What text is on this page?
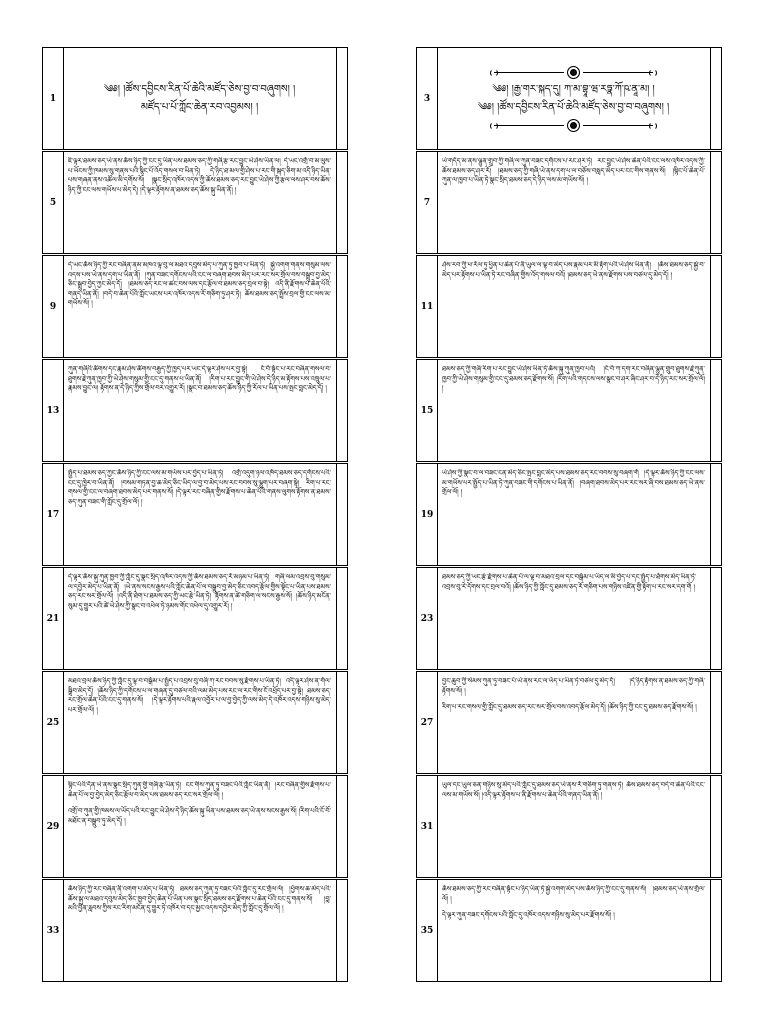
1
༄༅། །ཚོས་དབྱིངས་རིན་པོ་ཆེའི་མཛོད་ཅེས་བྱ་བ་བཞུགས། །
མཛོད་པ་པོ་ཀློང་ཆེན་རབ་འབྱམས། །
5

ཇི་ལྟར་ཐམས་ཅད་ཡེ་ནས་ཆོས་ཉིད་ཀྱི་ངང་དུ་ཡིན་པས་ཐམས་ཅད་ཀྱི་གཞི་རྩ་རང་བྱུང་ཡེ་ཤེས་ཡིན་ལ། དེ་ཡང་འགྲོ་བ་མ་ལུས་པ་ཡོངས་ཀྱི་ཁམས་སུ་གནས་པའི་སྙིང་པོ་འོད་གསལ་བ་ཡིན་ཏེ། དེ་ཉིད་ཐ་མལ་གྱི་ཤེས་པ་རང་གི་སྐད་ཅིག་མ་འདི་ཉིད་ཡིན་པས་གཞན་ནས་འཚོལ་མི་དགོས་སོ། །སྣང་སྲིད་འཁོར་འདས་ཀྱི་ཆོས་ཐམས་ཅད་རང་བྱུང་ཡེ་ཤེས་ཀྱི་རྩལ་ལས་ཤར་བས་ཆོས་ཉིད་ཀྱི་ངང་ལས་གཡོས་པ་མེད་དེ། །དེ་ལྟར་རྟོགས་ན་ཐམས་ཅད་ཆོས་སྐུ་ཡིན་ནོ། །

9

དེ་ཡང་ཆོས་ཉིད་ཀྱི་རང་བཞིན་ནམ་མཁའ་ལྟ་བུ་ལ་མཐའ་དབུས་མེད་པ་ཀུན་ཏུ་ཁྱབ་པ་ཡིན་ཏེ། སྐྱེ་འགག་གནས་གསུམ་ལས་འདས་པས་ཡེ་ནས་དག་པ་ཡིན་ནོ། །ཀུན་བཟང་དགོངས་པའི་ངང་ལ་བཞག་ཐབས་མེད་པར་རང་སར་གྲོལ་བས་བསྒྲུབ་བྱ་མེད་ཅིང་སྒྲུབ་བྱེད་ཀྱང་མེད་དོ། །ཐམས་ཅད་རང་ལ་ཚང་བས་ལས་དང་རྩོལ་བ་ཐམས་ཅད་བྲལ་བ་སྟེ། འདི་ནི་རྫོགས་པ་ཆེན་པོའི་གནད་ཡིན་ནོ། །བདེ་བ་ཆེན་པོའི་ཀློང་ཡངས་པར་འཁོར་འདས་རོ་གཅིག་ཏུ་ཤར་ཏེ། ཆོས་ཐམས་ཅད་སྤྲོས་བྲལ་གྱི་ངང་ལས་མ་གཡོས་སོ། །

13

ཀུན་གཞིའི་ཚོགས་དང་རྣམ་ཤེས་ཚོགས་བརྒྱད་ཀྱི་ཁྱད་པར་ཡང་དེ་ལྟར་ཤེས་པར་བྱ་སྟེ། ངོ་བོ་སྟོང་པ་རང་བཞིན་གསལ་བ་ཐུགས་རྗེ་ཀུན་ཁྱབ་ཀྱི་ཡེ་ཤེས་གསུམ་གྱི་ངང་དུ་གནས་པ་ཡིན་ནོ། །རིག་པ་རང་བྱུང་གི་ཡེ་ཤེས་དེ་ཉིད་མ་རྟོགས་པས་འཁྲུལ་པ་རྣམས་བྱུང་ལ། རྟོགས་ན་དེ་ཉིད་ཀྱིས་གྲོལ་བར་འགྱུར་རོ། །སྣང་བ་ཐམས་ཅད་ཆོས་ཉིད་ཀྱི་རོལ་པ་ཡིན་པས་སྤང་བླང་མེད་དོ། །

17

སྤྱོད་པ་ཐམས་ཅད་ཀྱང་ཆོས་ཉིད་ཀྱི་ངང་ལས་མ་གཡོས་པར་བྱེད་པ་ཡིན་ཏེ། འགྲོ་འདུག་ཉལ་འཁོད་ཐམས་ཅད་དགོངས་པའི་ངང་དུ་ཁྱེར་བ་ཡིན་ནོ། །བསམ་གཏན་བྱ་ཆ་མེད་ཅིང་ཡིད་ལ་བྱ་བ་མེད་པས་རང་བབས་སུ་ལྷུག་པར་བཞག་སྟེ། རིག་པ་རང་གསལ་གྱི་ངང་ལ་བཞག་ཐབས་མེད་པར་གནས་སོ། །དེ་ལྟར་རང་བཞིན་གྱིས་རྫོགས་པ་ཆེན་པོའི་གནས་ལུགས་རྟོགས་ན་ཐམས་ཅད་ཀུན་བཟང་གི་ཀློང་དུ་གྲོལ་ལོ། །

21

དེ་ལྟར་ཆོས་སྐུ་ཀུན་ཁྱབ་ཀྱི་ཀློང་དུ་སྣང་སྲིད་འཁོར་འདས་ཀྱི་ཆོས་ཐམས་ཅད་རོ་མཉམ་པ་ཡིན་ཏེ། གཞི་ལམ་འབྲས་བུ་གསུམ་ལ་དབྱེར་མེད་པ་ཡིན་ནོ། །ཡེ་ནས་སངས་རྒྱས་པའི་ཀློང་ཆེན་པོ་ལ་བསྒྲུབ་བྱ་མེད་ཅིང་འབད་རྩོལ་གྱིས་སྟོང་པ་ཡིན་པས་ཐམས་ཅད་རང་སར་གྲོལ་ལོ། །འདི་ནི་ཐེག་པ་ཐམས་ཅད་ཀྱི་ཡང་རྩེ་ཡིན་ཏེ། རྟོགས་ན་ཚེ་གཅིག་ལ་སངས་རྒྱས་སོ། །ཆོས་ཉིད་མངོན་སུམ་དུ་གྱུར་པའི་ཚེ་ཡེ་ཤེས་ཀྱི་སྣང་བ་འཕེལ་ཏེ་ཉམས་གོང་འཕེལ་དུ་འགྱུར་རོ། །

25

མཐའ་བྲལ་ཆོས་ཉིད་ཀྱི་ཀློང་དུ་ལྟ་བ་བསྒོམ་པ་སྤྱོད་པ་འབྲས་བུ་བཞི་ཀ་རང་བབས་སུ་རྫོགས་པ་ཡིན་ཏེ། འདི་ལྟར་ཤེས་ན་གོལ་སྒྲིབ་མེད་དོ། །ཆོས་ཉིད་ཀྱི་དགོངས་པ་ལ་གཞན་དུ་བཙལ་བའི་ལམ་མེད་པས་རང་ལ་རང་གིས་ངོ་འཕྲོད་པར་བྱ་སྟེ། ཐམས་ཅད་རང་གྲོལ་ཆེན་པོའི་ངང་དུ་གནས་སོ། །དེ་ལྟར་རྟོགས་པའི་རྣལ་འབྱོར་པ་ལ་བྱ་བྱེད་ཀྱི་ལས་མེད་དེ་འཁོར་འདས་གཉིས་སུ་མེད་པར་གྲོལ་ལོ། །

29

སྙིང་པོའི་དོན་ཡེ་ནས་སྣང་སྲིད་ཀུན་གྱི་གཞི་རྩ་ཡིན་ཏེ། ངང་གིས་ཀུན་ཏུ་བཟང་པོའི་ཀློང་ཡིན་ནོ། །རང་བཞིན་གྱིས་རྫོགས་པ་ཆེན་པོ་ལ་བྱ་བྱེད་མེད་ཅིང་རྩོལ་བ་མེད་པས་ཐམས་ཅད་རང་སར་གྲོལ་ལོ། །

འགྲོ་བ་ཀུན་གྱི་ཁམས་ལ་ཡོད་པའི་རང་བྱུང་ཡེ་ཤེས་དེ་ཉིད་ཆོས་སྐུ་ཡིན་པས་ཐམས་ཅད་ཡེ་ནས་སངས་རྒྱས་སོ། །རིག་པའི་ངོ་བོ་མཐོང་ན་བསྒྲུབ་ཏུ་མེད་དོ། །

33

ཆོས་ཉིད་ཀྱི་རང་བཞིན་ནི་འགག་པ་མེད་པ་ཡིན་ཏེ། ཐམས་ཅད་ཀུན་ཏུ་བཟང་པོའི་ཀློང་དུ་རང་གྲོལ་ལོ། །ཕྱོགས་ཆ་མེད་པའི་ཆོས་སྐུ་ལ་མཐའ་དབུས་མེད་ཅིང་ཁྱབ་བྱེད་ཆེན་པོ་ཡིན་པས་སྣང་སྲིད་ཐམས་ཅད་རྫོགས་པ་ཆེན་པོའི་ངང་དུ་གནས་སོ། །བླ་མའི་བྱིན་རླབས་ཀྱིས་རང་རིག་མངོན་དུ་གྱུར་ཏེ་འཁོར་བ་དང་མྱང་འདས་དབྱེར་མེད་ཀྱི་ཀློང་དུ་གྲོལ་ལོ། །

3
༄༅། །རྒྱ་གར་སྐད་དུ། ཀ་མ་བྷཱ་ཝ་རཏྣ་ཀོ་ཥ་ནཱ་མ། །
༄༅། །ཚོས་དབྱིངས་རིན་པོ་ཆེའི་མཛོད་ཅེས་བྱ་བ་བཞུགས། །
7

ཡེ་གདོད་མ་ནས་ལྷུན་གྲུབ་ཀྱི་གཞི་ལ་ཀུན་བཟང་དགོངས་པ་རང་ཤར་ཏེ། རང་བྱུང་ཡེ་ཤེས་ཆེན་པོའི་ངང་ལས་འཁོར་འདས་ཀྱི་ཆོས་ཐམས་ཅད་ཤར་རོ། །ཐམས་ཅད་ཀྱི་གཞི་ཡེ་ནས་དག་པ་ལ་བཅོས་བསླད་མེད་པར་ངང་གིས་གནས་སོ། །སྙིང་པོ་ཆེན་པོ་ཀུན་ལ་ཁྱབ་པ་ཡིན་ཏེ་སྣང་སྲིད་ཐམས་ཅད་དེ་ཉིད་ལས་མ་གཡོས་སོ། །

11

ཤེས་རབ་ཀྱི་ཕ་རོལ་ཏུ་ཕྱིན་པ་ཆེན་པོ་ནི་ཡུལ་ལ་ལྟ་བ་མེད་པས་རྣམ་པར་མི་རྟོག་པའི་ཡེ་ཤེས་ཡིན་ནོ། །ཆོས་ཐམས་ཅད་སྐྱེ་བ་མེད་པར་རྟོགས་པ་ཡིན་ཏེ་རང་བཞིན་གྱིས་འོད་གསལ་བའོ། །ཐམས་ཅད་ཡེ་ནས་རྫོགས་པས་བཙལ་དུ་མེད་དོ། །

15

ཐམས་ཅད་ཀྱི་གཞི་རིག་པ་རང་བྱུང་ཡེ་ཤེས་ཡིན་ཏེ་ཆོས་སྐུ་ཀུན་ཁྱབ་པའོ། །ངོ་བོ་ཀ་དག་རང་བཞིན་ལྷུན་གྲུབ་ཐུགས་རྗེ་ཀུན་ཁྱབ་ཀྱི་ཡེ་ཤེས་གསུམ་གྱི་ངང་དུ་ཐམས་ཅད་རྫོགས་སོ། །རིག་པའི་གདངས་ལས་སྣང་བ་ཤར་ཞིང་ཤར་བ་དེ་ཉིད་རང་སར་གྲོལ་ལོ། །

19

ཡེ་ཤེས་ཀྱི་སྣང་བ་ལ་བཟང་ངན་མེད་ཅིང་སྤང་བླང་མེད་པས་ཐམས་ཅད་རང་བབས་སུ་བཞག་གོ །དེ་ལྟར་ཆོས་ཉིད་ཀྱི་ངང་ལས་མ་གཡོས་པར་སྤྱོད་པ་ཡིན་ཏེ་ཀུན་བཟང་གི་དགོངས་པ་ཡིན་ནོ། །བཞག་ཐབས་མེད་པར་རང་སར་ཞི་བས་ཐམས་ཅད་ཡེ་ནས་གྲོལ་ལོ། །

23

ཐམས་ཅད་ཀྱི་ཡང་རྩེ་རྫོགས་པ་ཆེན་པོ་ལ་ལྟ་བ་མཐའ་བྲལ་དང་བསྒོམ་པ་ཡིད་ལ་མི་བྱེད་པ་དང་སྤྱོད་པ་ཐོགས་མེད་ཡིན་ཏེ་འབྲས་བུ་རེ་དོགས་དང་བྲལ་བའོ། །ཆོས་ཉིད་ཀྱི་ཀློང་དུ་ཐམས་ཅད་རོ་གཅིག་པས་གཉིས་འཛིན་གྱི་རྟོག་པ་རང་སར་དག་གོ །

27

བྱང་ཆུབ་ཀྱི་སེམས་ཀུན་ཏུ་བཟང་པོ་ཡེ་ནས་རང་ལ་ཡོད་པ་ཡིན་ཏེ་བཙལ་དུ་མེད་དོ། །དེ་ཉིད་རྟོགས་ན་ཐམས་ཅད་ཀྱི་གཞི་རྟོགས་སོ། །

རིག་པ་རང་གསལ་གྱི་ཀློང་དུ་ཐམས་ཅད་རང་སར་གྲོལ་བས་འབད་རྩོལ་མེད་དོ། །ཆོས་ཉིད་ཀྱི་ངང་དུ་ཐམས་ཅད་རྫོགས་སོ། །

31

ཡུལ་དང་ཡུལ་ཅན་གཉིས་སུ་མེད་པའི་ཀློང་དུ་ཐམས་ཅད་ཡེ་ནས་རོ་གཅིག་ཏུ་གནས་ཏེ། ཆོས་ཐམས་ཅད་བདེ་བ་ཆེན་པོའི་ངང་ལས་མ་གཡོས་སོ། །འདི་ལྟར་རྟོགས་པ་ནི་རྫོགས་པ་ཆེན་པོའི་གནད་ཡིན་ནོ། །

35

ཆོས་ཐམས་ཅད་ཀྱི་རང་བཞིན་སྟོང་པ་ཉིད་ཡིན་ཏེ་སྐྱེ་འགག་མེད་པས་ཆོས་ཉིད་ཀྱི་ངང་དུ་གནས་སོ། །ཐམས་ཅད་ཡེ་ནས་གྲོལ་ལོ། །

དེ་ལྟར་ཀུན་བཟང་དགོངས་པའི་ཀློང་དུ་འཁོར་འདས་གཉིས་སུ་མེད་པར་རྫོགས་སོ། །
